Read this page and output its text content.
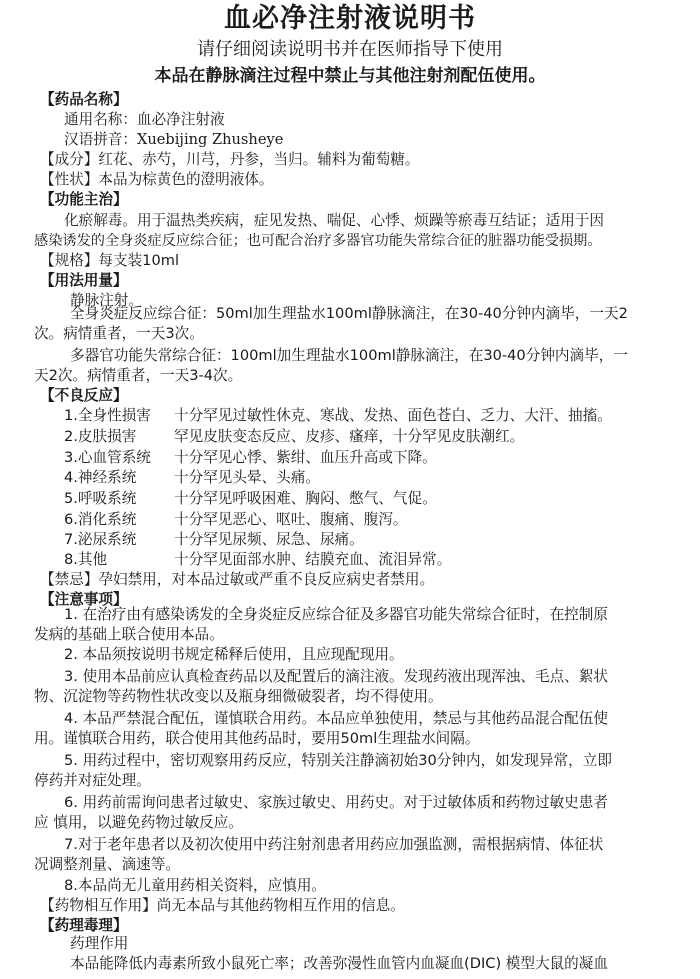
血必净注射液说明书
请仔细阅读说明书并在医师指导下使用
本品在静脉滴注过程中禁止与其他注射剂配伍使用。
【药品名称】
通用名称：血必净注射液
汉语拼音：Xuebijing Zhusheye
【成分】红花、赤芍，川芎，丹参，当归。辅料为葡萄糖。
【性状】本品为棕黄色的澄明液体。
【功能主治】
化瘀解毒。用于温热类疾病，症见发热、喘促、心悸、烦躁等瘀毒互结证；适用于因
感染诱发的全身炎症反应综合征；也可配合治疗多器官功能失常综合征的脏器功能受损期。
【规格】每支装10ml
【用法用量】
静脉注射。
全身炎症反应综合征：50ml加生理盐水100ml静脉滴注，在30-40分钟内滴毕，一天2
次。病情重者，一天3次。
多器官功能失常综合征：100ml加生理盐水100ml静脉滴注，在30-40分钟内滴毕，一
天2次。病情重者，一天3-4次。
【不良反应】
1.全身性损害 十分罕见过敏性休克、寒战、发热、面色苍白、乏力、大汗、抽搐。
2.皮肤损害	罕见皮肤变态反应、皮疹、瘙痒，十分罕见皮肤潮红。
3.心血管系统 十分罕见心悸、紫绀、血压升高或下降。
4.神经系统	十分罕见头晕、头痛。
5.呼吸系统	十分罕见呼吸困难、胸闷、憋气、气促。
6.消化系统	十分罕见恶心、呕吐、腹痛、腹泻。
7.泌尿系统	十分罕见尿频、尿急、尿痛。
8.其他	十分罕见面部水肿、结膜充血、流泪异常。
【禁忌】孕妇禁用，对本品过敏或严重不良反应病史者禁用。
【注意事项】
1. 在治疗由有感染诱发的全身炎症反应综合征及多器官功能失常综合征时，在控制原
发病的基础上联合使用本品。
2. 本品须按说明书规定稀释后使用，且应现配现用。
3. 使用本品前应认真检查药品以及配置后的滴注液。发现药液出现浑浊、毛点、絮状
物、沉淀物等药物性状改变以及瓶身细微破裂者，均不得使用。
4. 本品严禁混合配伍，谨慎联合用药。本品应单独使用，禁忌与其他药品混合配伍使
用。谨慎联合用药，联合使用其他药品时，要用50ml生理盐水间隔。
5. 用药过程中，密切观察用药反应，特别关注静滴初始30分钟内，如发现异常，立即
停药并对症处理。
6. 用药前需询问患者过敏史、家族过敏史、用药史。对于过敏体质和药物过敏史患者
应 慎用，以避免药物过敏反应。
7.对于老年患者以及初次使用中药注射剂患者用药应加强监测，需根据病情、体征状
况调整剂量、滴速等。
8.本品尚无儿童用药相关资料，应慎用。
【药物相互作用】尚无本品与其他药物相互作用的信息。
【药理毒理】
药理作用
本品能降低内毒素所致小鼠死亡率；改善弥漫性血管内血凝血(DIC) 模型大鼠的凝血
